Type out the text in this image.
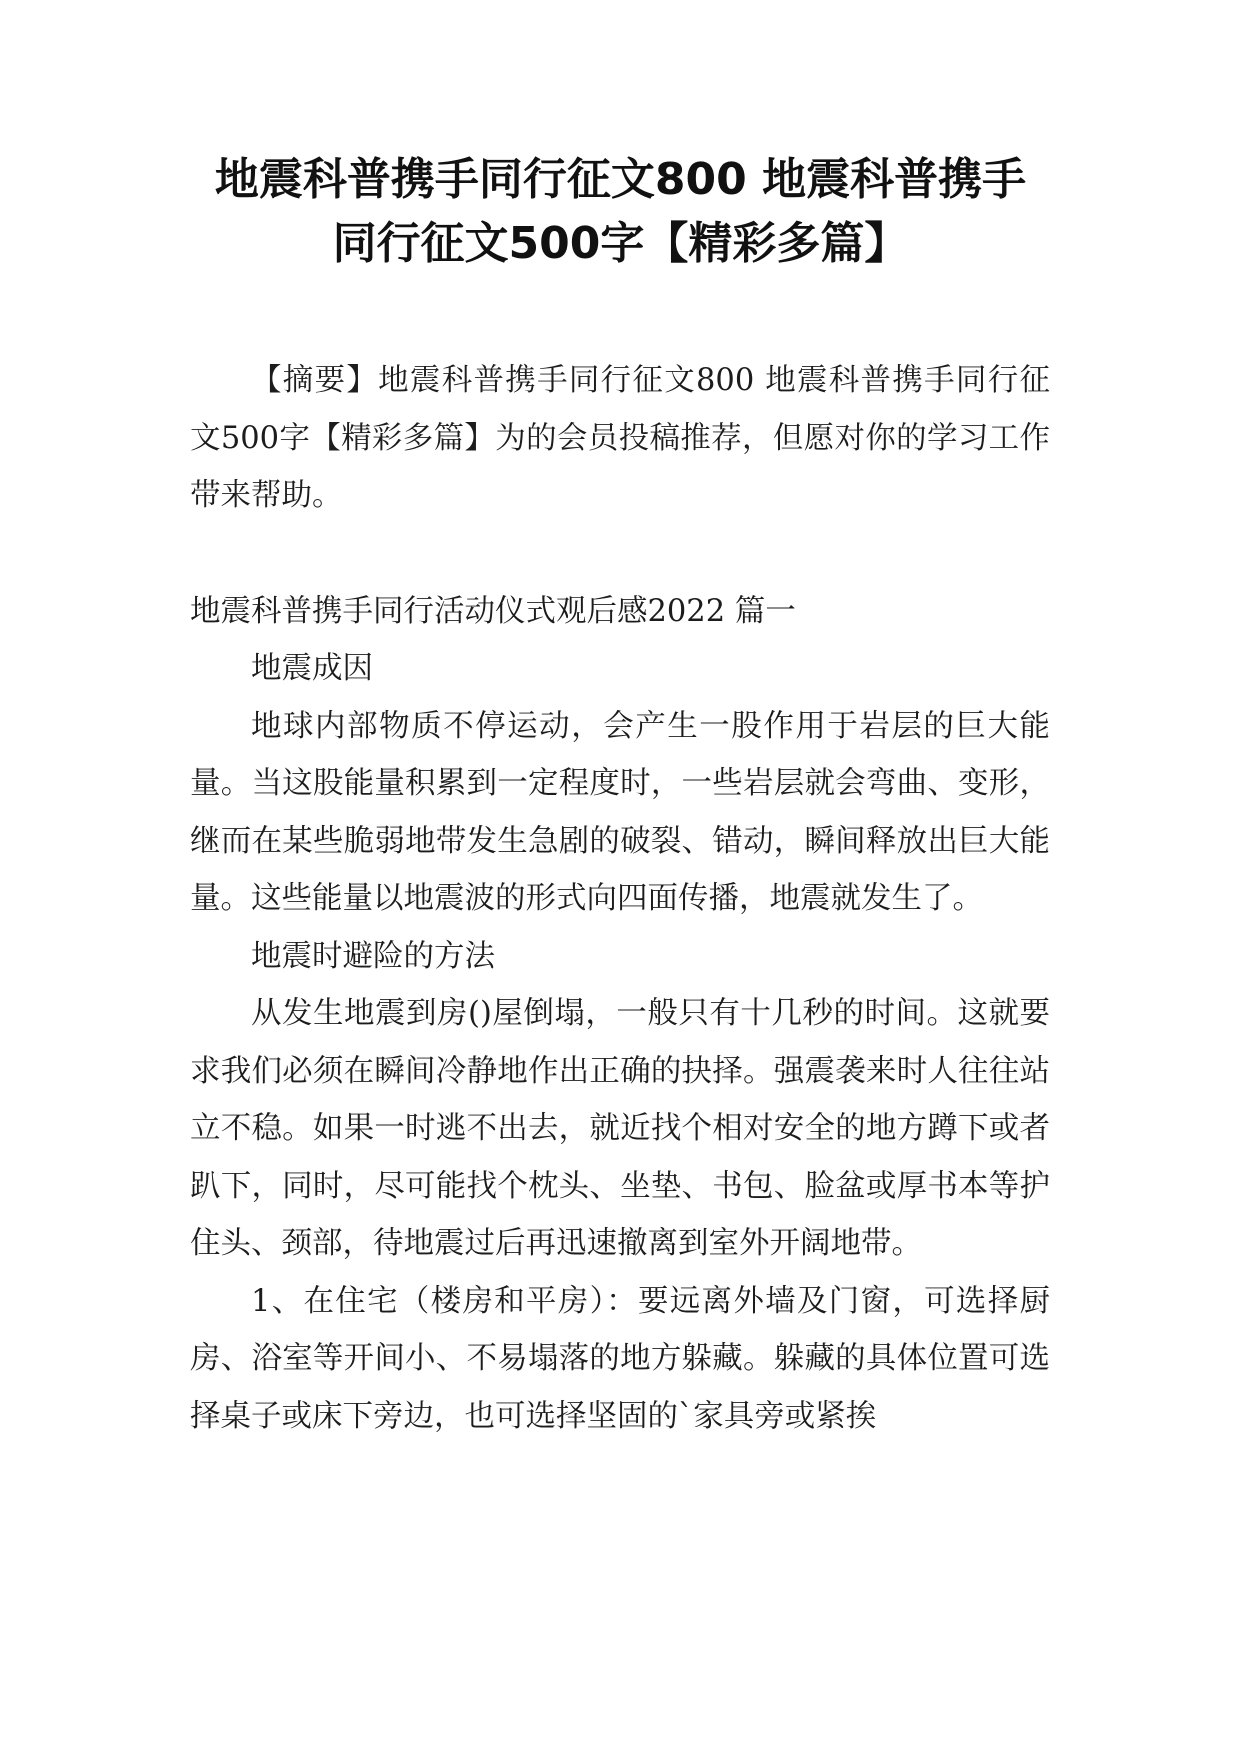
地震科普携手同行征文800 地震科普携手
同行征文500字【精彩多篇】

【摘要】地震科普携手同行征文800 地震科普携手同行征文500字【精彩多篇】为的会员投稿推荐，但愿对你的学习工作带来帮助。

地震科普携手同行活动仪式观后感2022 篇一

地震成因

地球内部物质不停运动，会产生一股作用于岩层的巨大能量。当这股能量积累到一定程度时，一些岩层就会弯曲、变形，继而在某些脆弱地带发生急剧的破裂、错动，瞬间释放出巨大能量。这些能量以地震波的形式向四面传播，地震就发生了。

地震时避险的方法

从发生地震到房()屋倒塌，一般只有十几秒的时间。这就要求我们必须在瞬间冷静地作出正确的抉择。强震袭来时人往往站立不稳。如果一时逃不出去，就近找个相对安全的地方蹲下或者趴下，同时，尽可能找个枕头、坐垫、书包、脸盆或厚书本等护住头、颈部，待地震过后再迅速撤离到室外开阔地带。

1、在住宅（楼房和平房）：要远离外墙及门窗，可选择厨房、浴室等开间小、不易塌落的地方躲藏。躲藏的具体位置可选择桌子或床下旁边，也可选择坚固的`家具旁或紧挨
